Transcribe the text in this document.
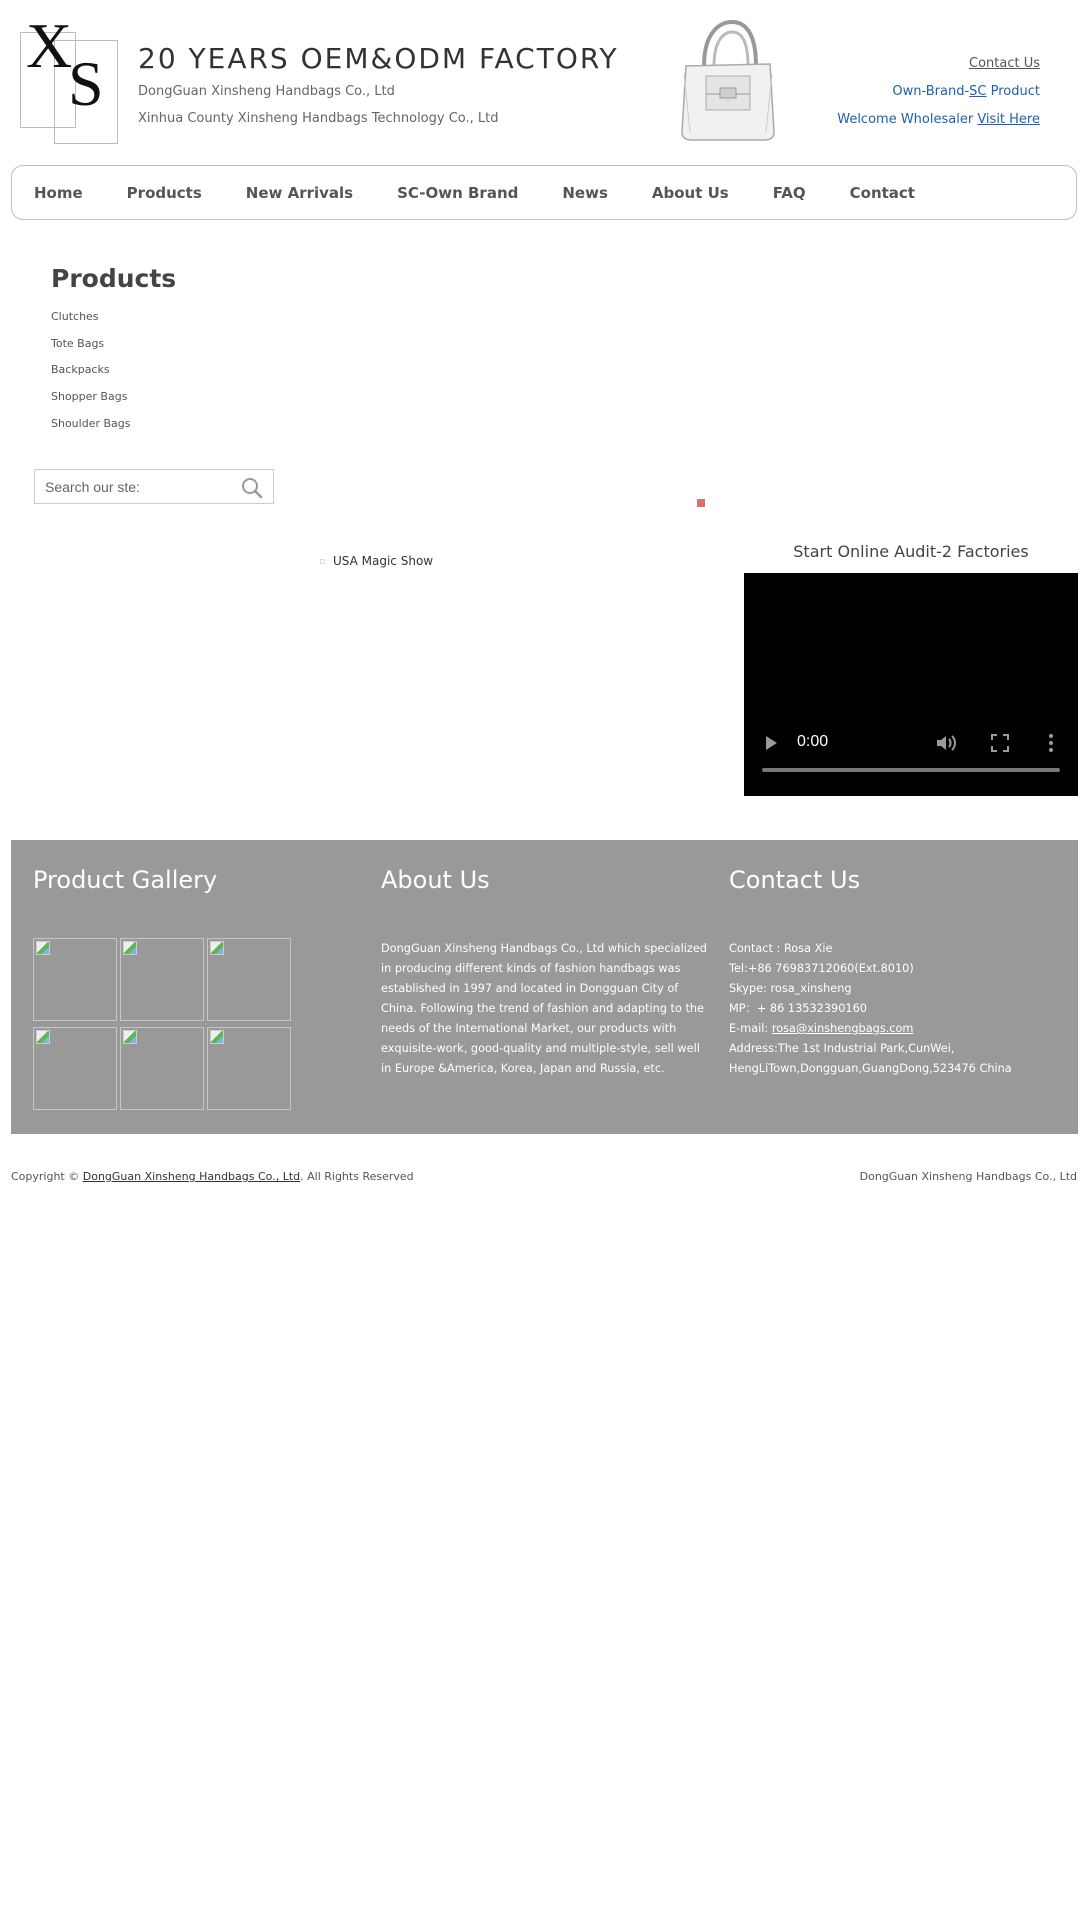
X
S 20 YEARS OEM&ODM FACTORY
DongGuan Xinsheng Handbags Co., Ltd
Xinhua County Xinsheng Handbags Technology Co., Ltd
Contact Us
Own-Brand-SC Product
Welcome Wholesaler Visit Here
Home	Products	New Arrivals	SC-Own Brand	News	About Us	FAQ	Contact
Products
Clutches
Tote Bags
Backpacks
Shopper Bags
Shoulder Bags
Search our ste:
USA Magic Show	Start Online Audit-2 Factories
0:00
Product Gallery	About Us	Contact Us

DongGuan Xinsheng Handbags Co., Ltd which specialized in producing different kinds of fashion handbags was established in 1997 and located in Dongguan City of China. Following the trend of fashion and adapting to the needs of the International Market, our products with exquisite-work, good-quality and multiple-style, sell well in Europe &America, Korea, Japan and Russia, etc.

Contact : Rosa Xie
Tel:+86 76983712060(Ext.8010)
Skype: rosa_xinsheng
MP：+ 86 13532390160
E-mail: rosa@xinshengbags.com
Address:The 1st Industrial Park,CunWei,
HengLiTown,Dongguan,GuangDong,523476 China
Copyright © DongGuan Xinsheng Handbags Co., Ltd. All Rights Reserved	DongGuan Xinsheng Handbags Co., Ltd
